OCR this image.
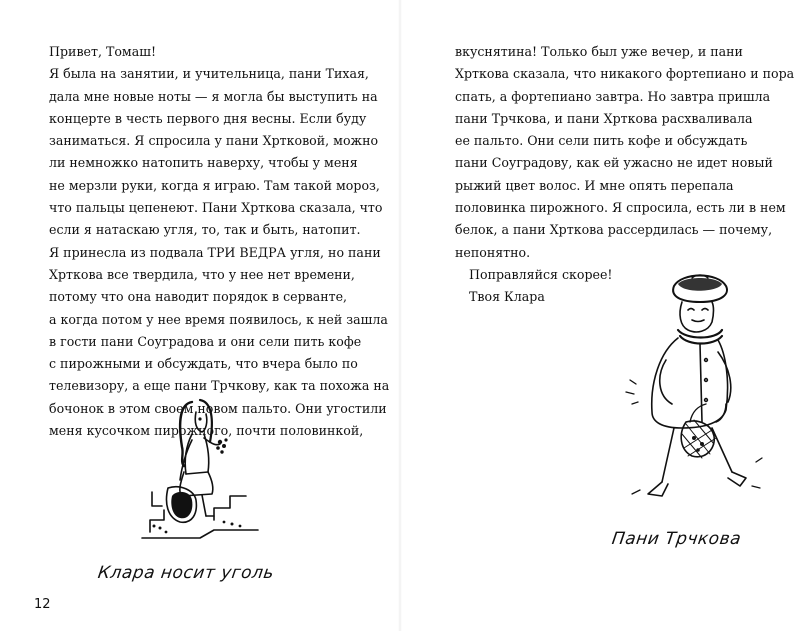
Привет, Томаш!
Я была на занятии, и учительница, пани Тихая,
дала мне новые ноты — я могла бы выступить на
концерте в честь первого дня весны. Если буду
заниматься. Я спросила у пани Хртковой, можно
ли немножко натопить наверху, чтобы у меня
не мерзли руки, когда я играю. Там такой мороз,
что пальцы цепенеют. Пани Хрткова сказала, что
если я натаскаю угля, то, так и быть, натопит.
Я принесла из подвала ТРИ ВЕДРА угля, но пани
Хрткова все твердила, что у нее нет времени,
потому что она наводит порядок в серванте,
а когда потом у нее время появилось, к ней зашла
в гости пани Соуградова и они сели пить кофе
с пирожными и обсуждать, что вчера было по
телевизору, а еще пани Трчкову, как та похожа на
бочонок в этом своем новом пальто. Они угостили
меня кусочком пирожного, почти половинкой,
вкуснятина! Только был уже вечер, и пани
Хрткова сказала, что никакого фортепиано и пора
спать, а фортепиано завтра. Но завтра пришла
пани Трчкова, и пани Хрткова расхваливала
ее пальто. Они сели пить кофе и обсуждать
пани Соуградову, как ей ужасно не идет новый
рыжий цвет волос. И мне опять перепала
половинка пирожного. Я спросила, есть ли в нем
белок, а пани Хрткова рассердилась — почему,
непонятно.
Поправляйся скорее!
Твоя Клара
Клара носит уголь
Пани Трчкова
12
